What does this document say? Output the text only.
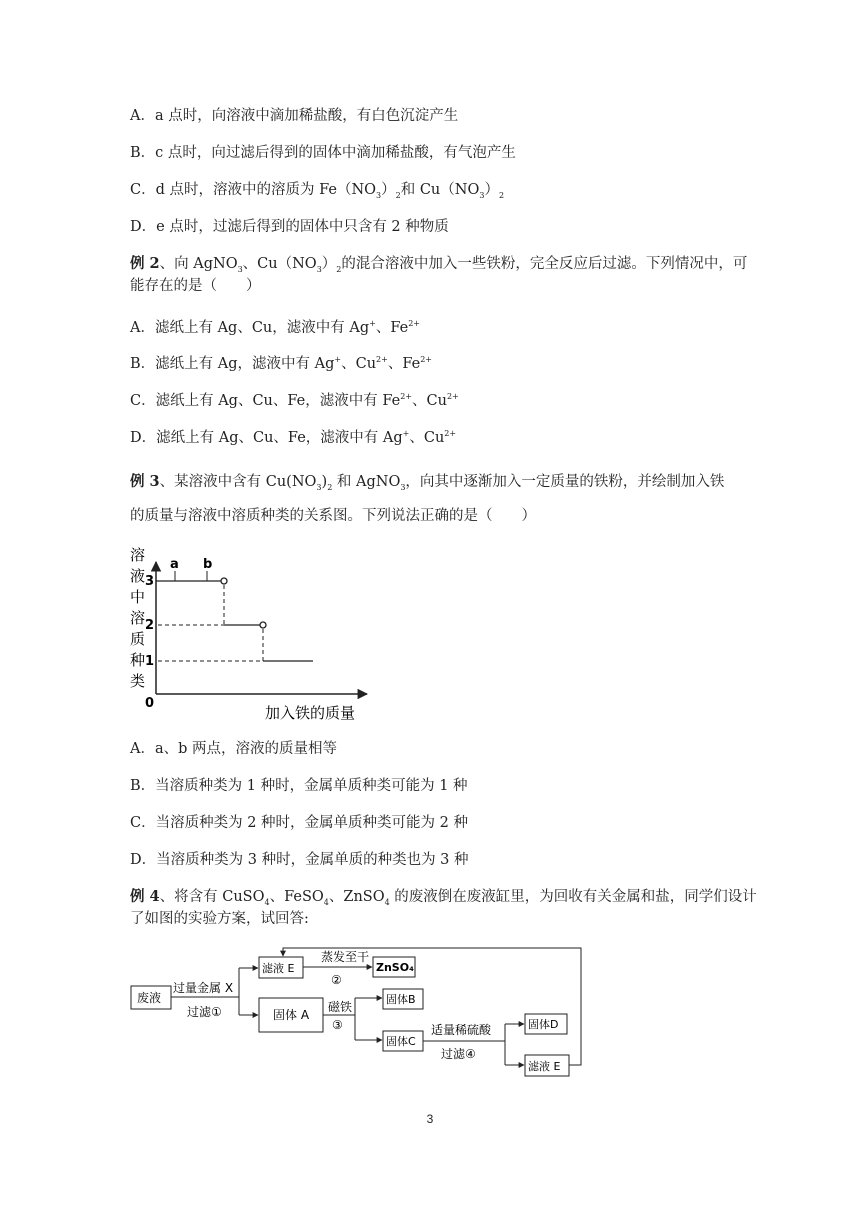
A．a 点时，向溶液中滴加稀盐酸，有白色沉淀产生
B．c 点时，向过滤后得到的固体中滴加稀盐酸，有气泡产生
C．d 点时，溶液中的溶质为 $Fe(NO_3)_2$和 $Cu(NO_3)_2$
D．e 点时，过滤后得到的固体中只含有 2 种物质
例 2、向 AgNO$_3$、$Cu(NO_3)_2$的混合溶液中加入一些铁粉，完全反应后过滤。下列情况中，可
能存在的是（　　）
A．滤纸上有 Ag、Cu，滤液中有 Ag+、$Fe^{2+}$
B．滤纸上有 Ag，滤液中有 Ag+、$Cu^{2+}$、$Fe^{2+}$
C．滤纸上有 Ag、Cu、Fe，滤液中有 $Fe^{2+}$、$Cu^{2+}$
D．滤纸上有 Ag、Cu、Fe，滤液中有 Ag+、$Cu^{2+}$
例 3、某溶液中含有 $Cu(NO_3)_2$ 和 AgNO$_3$，向其中逐渐加入一定质量的铁粉，并绘制加入铁
的质量与溶液中溶质种类的关系图。下列说法正确的是（　　）
溶
液
中
溶
质
种
类
0
3
2
1
a b
加入铁的质量
A．a、b 两点，溶液的质量相等
B．当溶质种类为 1 种时，金属单质种类可能为 1 种
C．当溶质种类为 2 种时，金属单质种类可能为 2 种
D．当溶质种类为 3 种时，金属单质的种类也为 3 种
例 4、将含有 CuSO$_4$、FeSO$_4$、ZnSO$_4$ 的废液倒在废液缸里，为回收有关金属和盐，同学们设计
了如图的实验方案，试回答:
废液
过量金属 X
过滤①
滤液 E
蒸发至干
②
ZnSO₄
固体 A
磁铁
③
固体B
固体C
适量稀硫酸
过滤④
固体D
滤液 E
3
